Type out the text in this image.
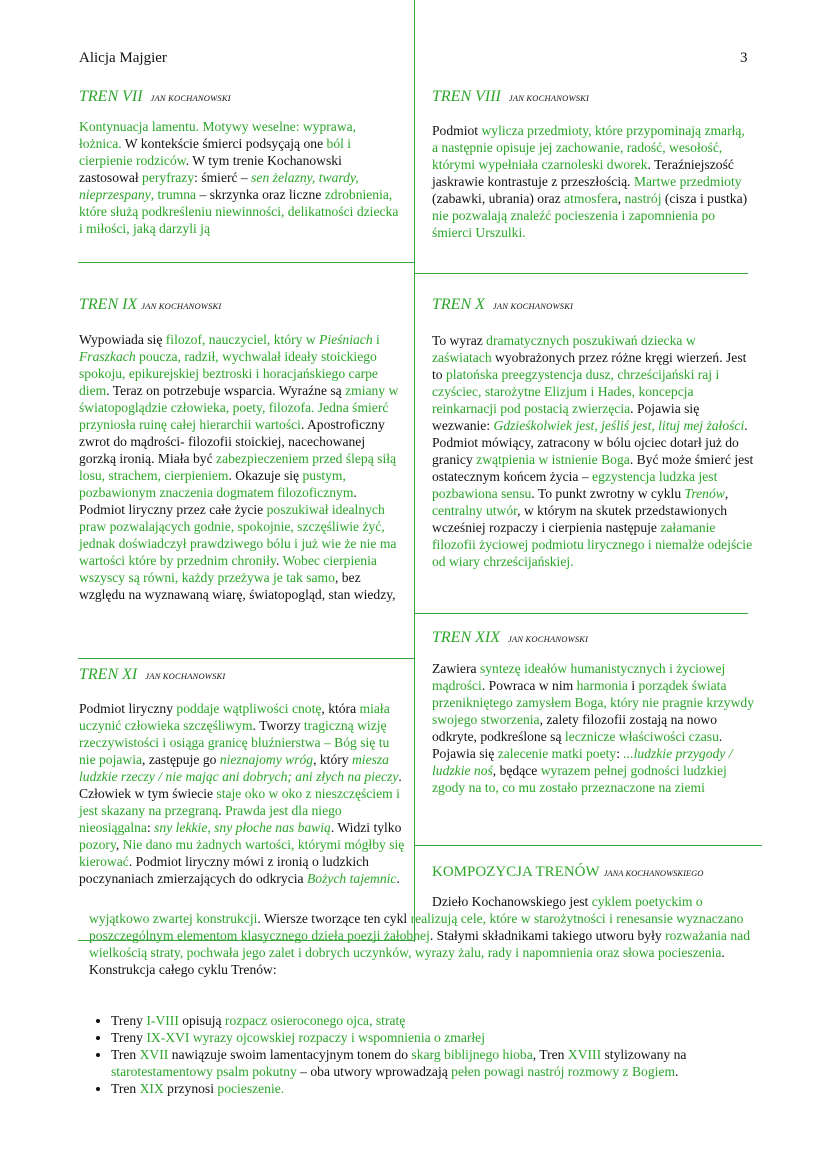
Alicja Majgier	3
TREN VII JAN KOCHANOWSKI
Kontynuacja lamentu. Motywy weselne: wyprawa, łożnica. W kontekście śmierci podsyçają one ból i cierpienie rodziców. W tym trenie Kochanowski zastosował peryfrazy: śmierć – sen żelazny, twardy, nieprzespany, trumna – skrzynka oraz liczne zdrobnienia, które służą podkreśleniu niewinności, delikatności dziecka i miłości, jaką darzyli ją
TREN VIII JAN KOCHANOWSKI
Podmiot wylicza przedmioty, które przypominają zmarłą, a następnie opisuje jej zachowanie, radość, wesołość, którymi wypełniała czarnoleski dworek. Teraźniejszość jaskrawie kontrastuje z przeszłością. Martwe przedmioty (zabawki, ubrania) oraz atmosfera, nastrój (cisza i pustka) nie pozwalają znaleźć pocieszenia i zapomnienia po śmierci Urszulki.
TREN IX JAN KOCHANOWSKI
Wypowiada się filozof, nauczyciel, który w Pieśniach i Fraszkach poucza, radził, wychwalał ideały stoickiego spokoju, epikurejskiej beztroski i horacjańskiego carpe diem. Teraz on potrzebuje wsparcia. Wyraźne są zmiany w światopoglądzie człowieka, poety, filozofa. Jedna śmierć przyniosła ruinę całej hierarchii wartości. Apostroficzny zwrot do mądrości- filozofii stoickiej, nacechowanej gorzką ironią. Miała być zabezpieczeniem przed ślepą siłą losu, strachem, cierpieniem. Okazuje się pustym, pozbawionym znaczenia dogmatem filozoficznym. Podmiot liryczny przez całe życie poszukiwał idealnych praw pozwalających godnie, spokojnie, szczęśliwie żyć, jednak doświadczył prawdziwego bólu i już wie że nie ma wartości które by przednim chroniły. Wobec cierpienia wszyscy są równi, każdy przeżywa je tak samo, bez względu na wyznawaną wiarę, światopogląd, stan wiedzy,
TREN X JAN KOCHANOWSKI
To wyraz dramatycznych poszukiwań dziecka w zaświatach wyobrażonych przez różne kręgi wierzeń. Jest to platońska preegzystencja dusz, chrześcijański raj i czyściec, starożytne Elizjum i Hades, koncepcja reinkarnacji pod postacią zwierzęcia. Pojawia się wezwanie: Gdzieśkolwiek jest, jeśliś jest, lituj mej żałości. Podmiot mówiący, zatracony w bólu ojciec dotarł już do granicy zwątpienia w istnienie Boga. Być może śmierć jest ostatecznym końcem życia – egzystencja ludzka jest pozbawiona sensu. To punkt zwrotny w cyklu Trenów, centralny utwór, w którym na skutek przedstawionych wcześniej rozpaczy i cierpienia następuje załamanie filozofii życiowej podmiotu lirycznego i niemalże odejście od wiary chrześcijańskiej.
TREN XIX JAN KOCHANOWSKI
Zawiera syntezę ideałów humanistycznych i życiowej mądrości. Powraca w nim harmonia i porządek świata przenikniętego zamysłem Boga, który nie pragnie krzywdy swojego stworzenia, zalety filozofii zostają na nowo odkryte, podkreślone są lecznicze właściwości czasu. Pojawia się zalecenie matki poety: ...ludzkie przygody / ludzkie noś, będące wyrazem pełnej godności ludzkiej zgody na to, co mu zostało przeznaczone na ziemi
TREN XI JAN KOCHANOWSKI
Podmiot liryczny poddaje wątpliwości cnotę, która miała uczynić człowieka szczęśliwym. Tworzy tragiczną wizję rzeczywistości i osiąga granicę bluźnierstwa – Bóg się tu nie pojawia, zastępuje go nieznajomy wróg, który miesza ludzkie rzeczy / nie mając ani dobrych; ani złych na pieczy. Człowiek w tym świecie staje oko w oko z nieszczęściem i jest skazany na przegraną. Prawda jest dla niego nieosiągalna: sny lekkie, sny płoche nas bawią. Widzi tylko pozory, Nie dano mu żadnych wartości, którymi mógłby się kierować. Podmiot liryczny mówi z ironią o ludzkich poczynaniach zmierzających do odkrycia Bożych tajemnic.	KOMPOZYCJA TRENÓW JANA KOCHANOWSKIEGO
Dzieło Kochanowskiego jest cyklem poetyckim o wyjątkowo zwartej konstrukcji. Wiersze tworzące ten cykl realizują cele, które w starożytności i renesansie wyznaczano poszczególnym elementom klasycznego dzieła poezji żałobnej. Stałymi składnikami takiego utworu były rozważania nad wielkością straty, pochwała jego zalet i dobrych uczynków, wyrazy żalu, rady i napomnienia oraz słowa pocieszenia. Konstrukcja całego cyklu Trenów:
• Treny I-VIII opisują rozpacz osieroconego ojca, stratę
• Treny IX-XVI wyrazy ojcowskiej rozpaczy i wspomnienia o zmarłej
• Tren XVII nawiązuje swoim lamentacyjnym tonem do skarg biblijnego hioba, Tren XVIII stylizowany na starotestamentowy psalm pokutny – oba utwory wprowadzają pełen powagi nastrój rozmowy z Bogiem.
• Tren XIX przynosi pocieszenie.
